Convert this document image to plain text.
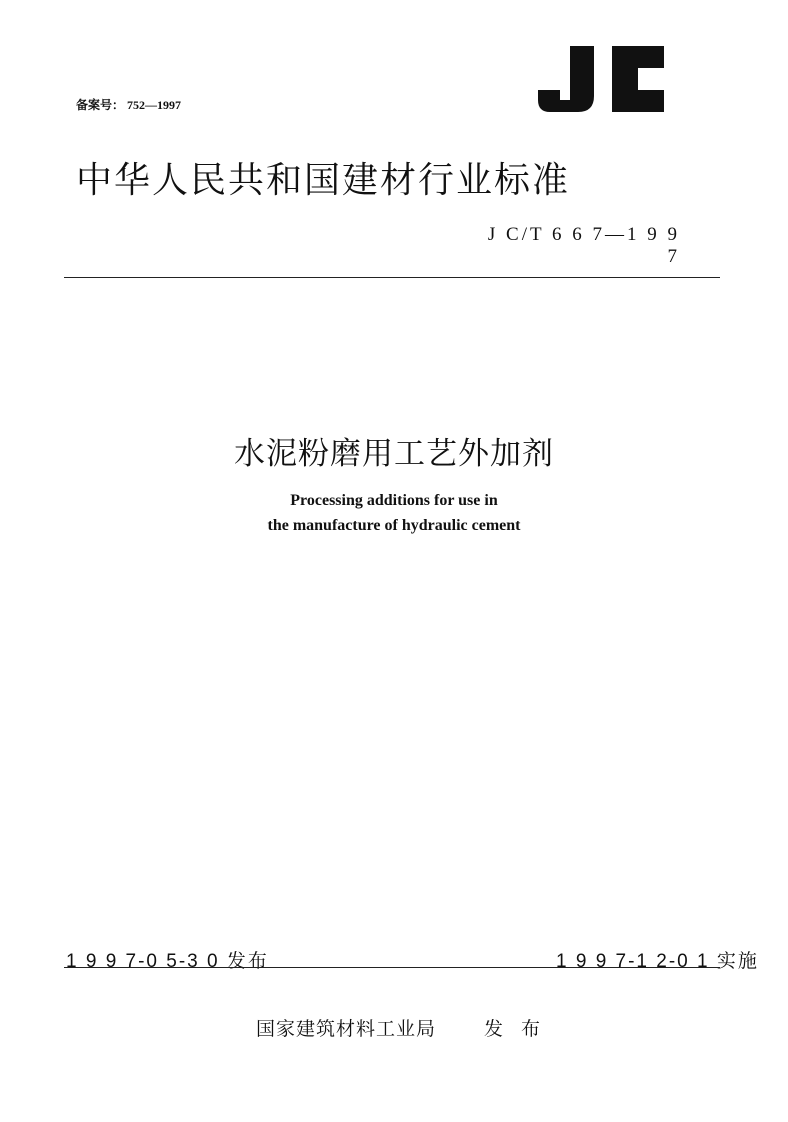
备案号： 752—1997
中华人民共和国建材行业标准
J C/T 6 6 7—1 9 9 7
水泥粉磨用工艺外加剂
Processing additions for use in
the manufacture of hydraulic cement
1 9 9 7-0 5-3 0 发布	1 9 9 7-1 2-0 1 实施
国家建筑材料工业局	发 布
